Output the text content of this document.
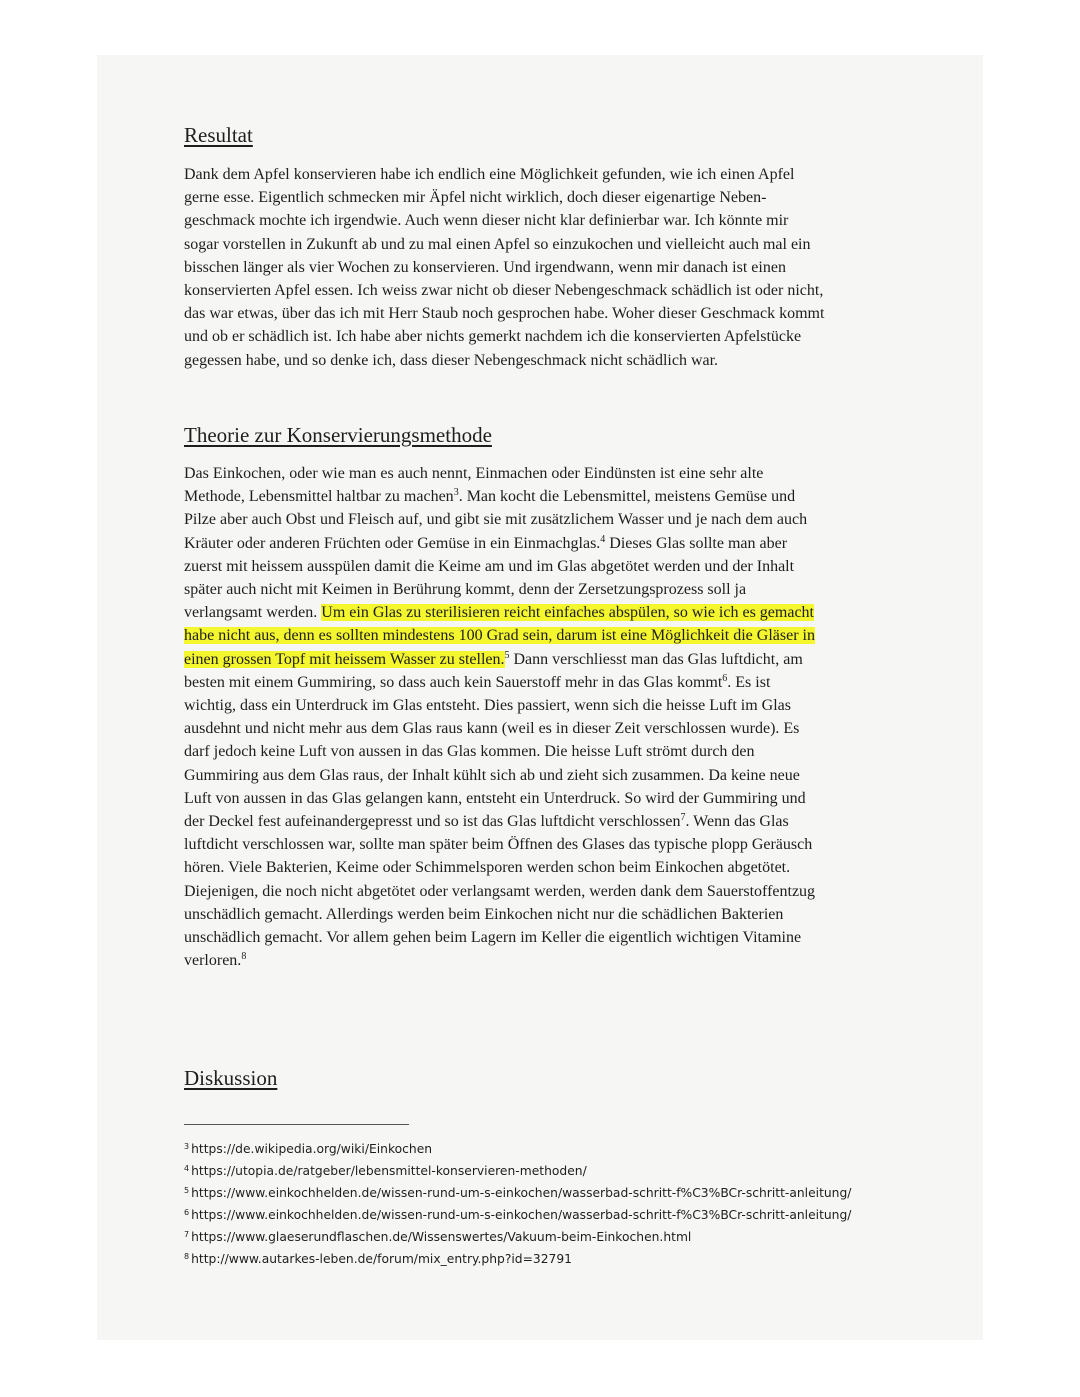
Resultat
Dank dem Apfel konservieren habe ich endlich eine Möglichkeit gefunden, wie ich einen Apfel
gerne esse. Eigentlich schmecken mir Äpfel nicht wirklich, doch dieser eigenartige Neben-
geschmack mochte ich irgendwie. Auch wenn dieser nicht klar definierbar war. Ich könnte mir
sogar vorstellen in Zukunft ab und zu mal einen Apfel so einzukochen und vielleicht auch mal ein
bisschen länger als vier Wochen zu konservieren. Und irgendwann, wenn mir danach ist einen
konservierten Apfel essen. Ich weiss zwar nicht ob dieser Nebengeschmack schädlich ist oder nicht,
das war etwas, über das ich mit Herr Staub noch gesprochen habe. Woher dieser Geschmack kommt
und ob er schädlich ist. Ich habe aber nichts gemerkt nachdem ich die konservierten Apfelstücke
gegessen habe, und so denke ich, dass dieser Nebengeschmack nicht schädlich war.
Theorie zur Konservierungsmethode
Das Einkochen, oder wie man es auch nennt, Einmachen oder Eindünsten ist eine sehr alte
Methode, Lebensmittel haltbar zu machen$^3$. Man kocht die Lebensmittel, meistens Gemüse und
Pilze aber auch Obst und Fleisch auf, und gibt sie mit zusätzlichem Wasser und je nach dem auch
Kräuter oder anderen Früchten oder Gemüse in ein Einmachglas.$^4$ Dieses Glas sollte man aber
zuerst mit heissem ausspülen damit die Keime am und im Glas abgetötet werden und der Inhalt
später auch nicht mit Keimen in Berührung kommt, denn der Zersetzungsprozess soll ja
verlangsamt werden. Um ein Glas zu sterilisieren reicht einfaches abspülen, so wie ich es gemacht
habe nicht aus, denn es sollten mindestens 100 Grad sein, darum ist eine Möglichkeit die Gläser in
einen grossen Topf mit heissem Wasser zu stellen.$^5$ Dann verschliesst man das Glas luftdicht, am
besten mit einem Gummiring, so dass auch kein Sauerstoff mehr in das Glas kommt$^6$. Es ist
wichtig, dass ein Unterdruck im Glas entsteht. Dies passiert, wenn sich die heisse Luft im Glas
ausdehnt und nicht mehr aus dem Glas raus kann (weil es in dieser Zeit verschlossen wurde). Es
darf jedoch keine Luft von aussen in das Glas kommen. Die heisse Luft strömt durch den
Gummiring aus dem Glas raus, der Inhalt kühlt sich ab und zieht sich zusammen. Da keine neue
Luft von aussen in das Glas gelangen kann, entsteht ein Unterdruck. So wird der Gummiring und
der Deckel fest aufeinandergepresst und so ist das Glas luftdicht verschlossen$^7$. Wenn das Glas
luftdicht verschlossen war, sollte man später beim Öffnen des Glases das typische plopp Geräusch
hören. Viele Bakterien, Keime oder Schimmelsporen werden schon beim Einkochen abgetötet.
Diejenigen, die noch nicht abgetötet oder verlangsamt werden, werden dank dem Sauerstoffentzug
unschädlich gemacht. Allerdings werden beim Einkochen nicht nur die schädlichen Bakterien
unschädlich gemacht. Vor allem gehen beim Lagern im Keller die eigentlich wichtigen Vitamine
verloren.$^8$
Diskussion
$^3$ https://de.wikipedia.org/wiki/Einkochen
$^4$ https://utopia.de/ratgeber/lebensmittel-konservieren-methoden/
$^5$ https://www.einkochhelden.de/wissen-rund-um-s-einkochen/wasserbad-schritt-f%C3%BCr-schritt-anleitung/
$^6$ https://www.einkochhelden.de/wissen-rund-um-s-einkochen/wasserbad-schritt-f%C3%BCr-schritt-anleitung/
$^7$ https://www.glaeserundflaschen.de/Wissenswertes/Vakuum-beim-Einkochen.html
$^8$ http://www.autarkes-leben.de/forum/mix_entry.php?id=32791
